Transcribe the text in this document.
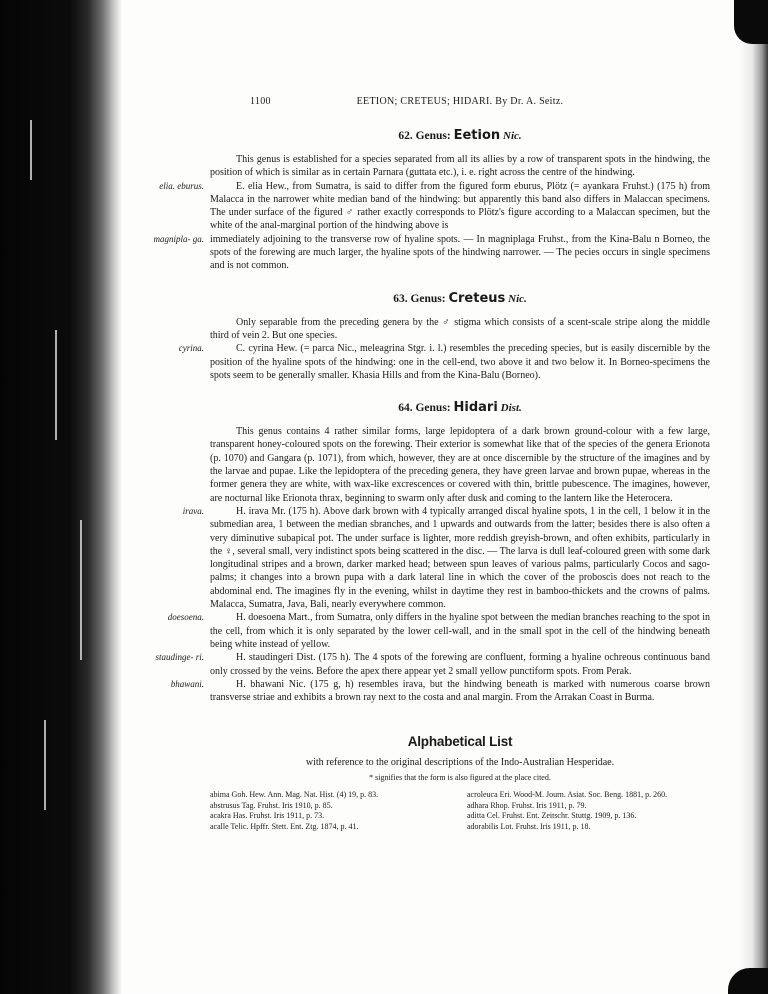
1100	EETION; CRETEUS; HIDARI. By Dr. A. Seitz.
62. Genus: Eetion Nic.

This genus is established for a species separated from all its allies by a row of transparent spots in the hindwing, the position of which is similar as in certain Parnara (guttata etc.), i. e. right across the centre of the hindwing.

elia. eburus.	E. elia Hew., from Sumatra, is said to differ from the figured form eburus, Plötz (= ayankara Fruhst.) (175 h) from Malacca in the narrower white median band of the hindwing: but apparently this band also differs in Malaccan specimens. The under surface of the figured ♂ rather exactly corresponds to Plötz's figure according to a Malaccan specimen, but the white of the anal-marginal portion of the hindwing above is

magnipla- ga. immediately adjoining to the transverse row of hyaline spots. — In magniplaga Fruhst., from the Kina-Balu n Borneo, the spots of the forewing are much larger, the hyaline spots of the hindwing narrower. — The pecies occurs in single specimens and is not common.

63. Genus: Creteus Nic.

Only separable from the preceding genera by the ♂ stigma which consists of a scent-scale stripe along the middle third of vein 2. But one species.

cyrina.	C. cyrina Hew. (= parca Nic., meleagrina Stgr. i. l.) resembles the preceding species, but is easily discernible by the position of the hyaline spots of the hindwing: one in the cell-end, two above it and two below it. In Borneo-specimens the spots seem to be generally smaller. Khasia Hills and from the Kina-Balu (Borneo).

64. Genus: Hidari Dist.

This genus contains 4 rather similar forms, large lepidoptera of a dark brown ground-colour with a few large, transparent honey-coloured spots on the forewing. Their exterior is somewhat like that of the species of the genera Erionota (p. 1070) and Gangara (p. 1071), from which, however, they are at once discernible by the structure of the imagines and by the larvae and pupae. Like the lepidoptera of the preceding genera, they have green larvae and brown pupae, whereas in the former genera they are white, with wax-like excrescences or covered with thin, brittle pubescence. The imagines, however, are nocturnal like Erionota thrax, beginning to swarm only after dusk and coming to the lantern like the Heterocera.

irava.	H. irava Mr. (175 h). Above dark brown with 4 typically arranged discal hyaline spots, 1 in the cell, 1 below it in the submedian area, 1 between the median sbranches, and 1 upwards and outwards from the latter; besides there is also often a very diminutive subapical pot. The under surface is lighter, more reddish greyish-brown, and often exhibits, particularly in the ♀, several small, very indistinct spots being scattered in the disc. — The larva is dull leaf-coloured green with some dark longitudinal stripes and a brown, darker marked head; between spun leaves of various palms, particularly Cocos and sago-palms; it changes into a brown pupa with a dark lateral line in which the cover of the proboscis does not reach to the abdominal end. The imagines fly in the evening, whilst in daytime they rest in bamboo-thickets and the crowns of palms. Malacca, Sumatra, Java, Bali, nearly everywhere common.

doesoena.	H. doesoena Mart., from Sumatra, only differs in the hyaline spot between the median branches reaching to the spot in the cell, from which it is only separated by the lower cell-wall, and in the small spot in the cell of the hindwing beneath being white instead of yellow.

staudinge- ri.	H. staudingeri Dist. (175 h). The 4 spots of the forewing are confluent, forming a hyaline ochreous continuous band only crossed by the veins. Before the apex there appear yet 2 small yellow punctiform spots. From Perak.

bhawani.	H. bhawani Nic. (175 g, h) resembles irava, but the hindwing beneath is marked with numerous coarse brown transverse striae and exhibits a brown ray next to the costa and anal margin. From the Arrakan Coast in Burma.

Alphabetical List
with reference to the original descriptions of the Indo-Australian Hesperidae.
* signifies that the form is also figured at the place cited.
abima Goh. Hew. Ann. Mag. Nat. Hist. (4) 19, p. 83.
abstrusus Tag. Fruhst. Iris 1910, p. 85.
acakra Has. Fruhst. Iris 1911, p. 73.
acalle Telic. Hpffr. Stett. Ent. Ztg. 1874, p. 41.
acroleuca Eri. Wood-M. Journ. Asiat. Soc. Beng. 1881, p. 260.
adhara Rhop. Fruhst. Iris 1911, p. 79.
aditta Cel. Fruhst. Ent. Zeitschr. Stuttg. 1909, p. 136.
adorabilis Lot. Fruhst. Iris 1911, p. 18.
